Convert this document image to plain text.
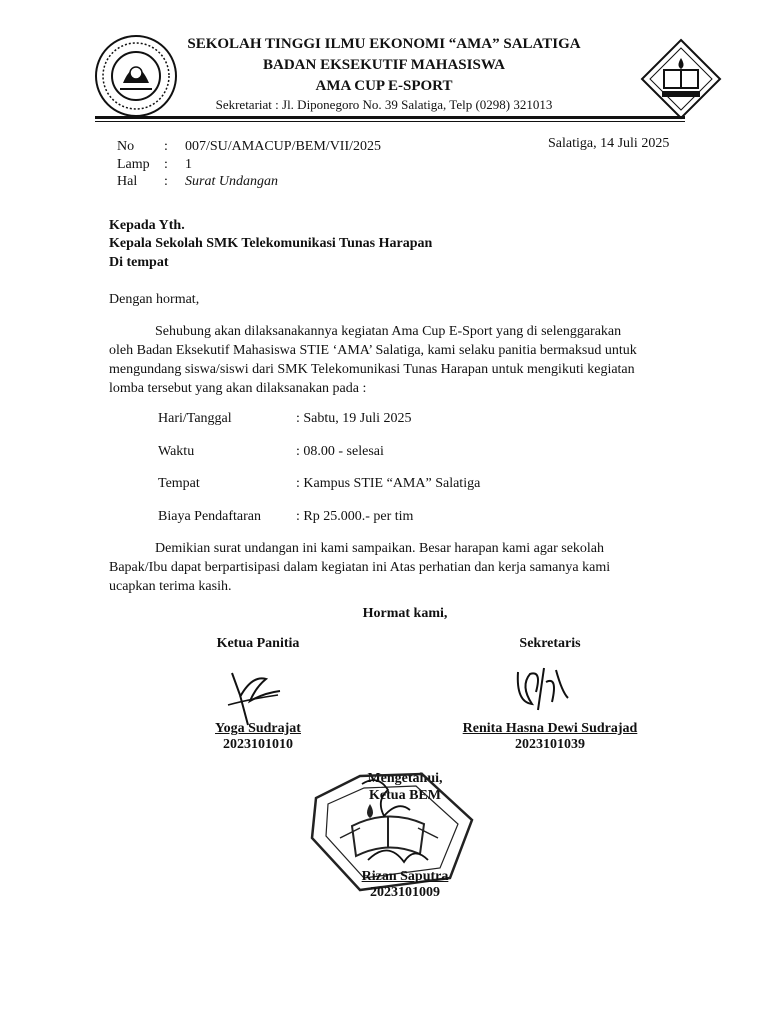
SEKOLAH TINGGI ILMU EKONOMI “AMA” SALATIGA
BADAN EKSEKUTIF MAHASISWA
AMA CUP E-SPORT
Sekretariat : Jl. Diponegoro No. 39 Salatiga, Telp (0298) 321013
No : 007/SU/AMACUP/BEM/VII/2025
Lamp : 1
Hal : Surat Undangan
Salatiga, 14 Juli 2025
Kepada Yth.
Kepala Sekolah SMK Telekomunikasi Tunas Harapan
Di tempat
Dengan hormat,
Sehubung akan dilaksanakannya kegiatan Ama Cup E-Sport yang di selenggarakan
oleh Badan Eksekutif Mahasiswa STIE ‘AMA’ Salatiga, kami selaku panitia bermaksud untuk
mengundang siswa/siswi dari SMK Telekomunikasi Tunas Harapan untuk mengikuti kegiatan
lomba tersebut yang akan dilaksanakan pada :
Hari/Tanggal	: Sabtu, 19 Juli 2025
Waktu	: 08.00 - selesai
Tempat	: Kampus STIE “AMA” Salatiga
Biaya Pendaftaran : Rp 25.000.- per tim
Demikian surat undangan ini kami sampaikan. Besar harapan kami agar sekolah
Bapak/Ibu dapat berpartisipasi dalam kegiatan ini Atas perhatian dan kerja samanya kami
ucapkan terima kasih.
Hormat kami,
Ketua Panitia	Sekretaris
Yoga Sudrajat
2023101010
Renita Hasna Dewi Sudrajad
2023101039
Mengetahui,
Ketua BEM
Rizan Saputra
2023101009
